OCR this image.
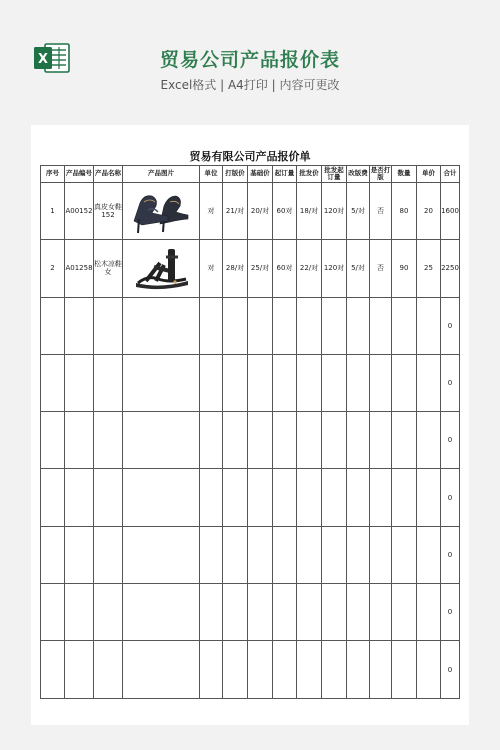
X	贸易公司产品报价表
Excel格式 | A4打印 | 内容可更改
贸易有限公司产品报价单
序号	产品编号	产品名称	产品图片	单位	打版价	基础价	起订量	批发价	批发起订量	改版费	是否打版	数量	单价	合计
1	A00152	真皮女鞋152		对	21/对	20/对	60对	18/对	120对	5/对	否	80	20	1600
2	A01258	松木凉鞋女		对	28/对	25/对	60对	22/对	120对	5/对	否	90	25	2250
														0
														0
														0
														0
														0
														0
														0
